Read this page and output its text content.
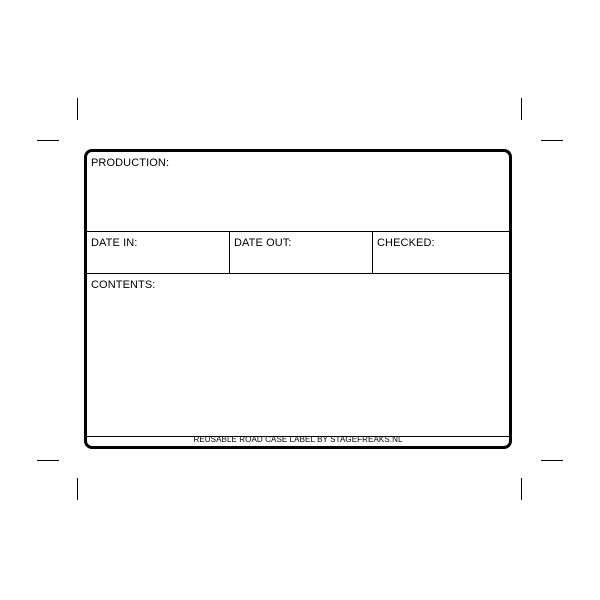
PRODUCTION:
DATE IN:	DATE OUT:	CHECKED:
CONTENTS:
REUSABLE ROAD CASE LABEL BY STAGEFREAKS.NL
